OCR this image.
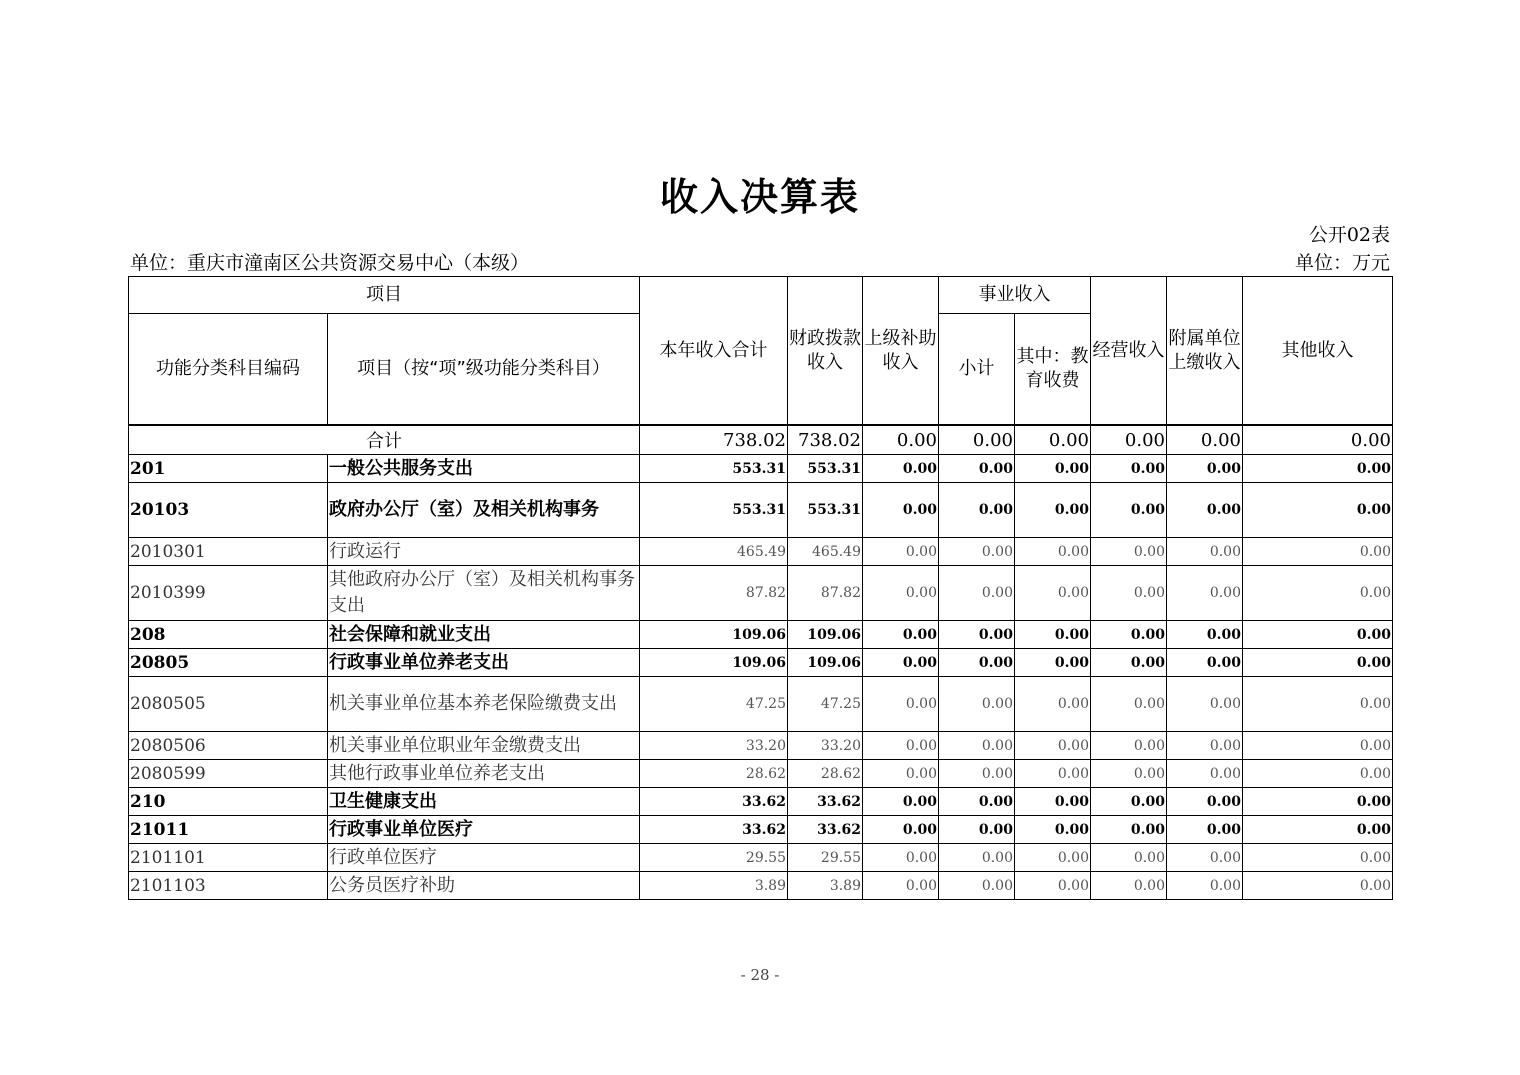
收入决算表
公开02表
单位：重庆市潼南区公共资源交易中心（本级）	单位：万元
项目		本年收入合计	财政拨款收入	上级补助收入	事业收入		经营收入	附属单位上缴收入	其他收入
功能分类科目编码	项目（按“项”级功能分类科目）				小计	其中：教育收费			
合计		738.02	738.02	0.00	0.00	0.00	0.00	0.00	0.00
201	一般公共服务支出	553.31	553.31	0.00	0.00	0.00	0.00	0.00	0.00
20103	政府办公厅（室）及相关机构事务	553.31	553.31	0.00	0.00	0.00	0.00	0.00	0.00
2010301	行政运行	465.49	465.49	0.00	0.00	0.00	0.00	0.00	0.00
2010399	其他政府办公厅（室）及相关机构事务支出	87.82	87.82	0.00	0.00	0.00	0.00	0.00	0.00
208	社会保障和就业支出	109.06	109.06	0.00	0.00	0.00	0.00	0.00	0.00
20805	行政事业单位养老支出	109.06	109.06	0.00	0.00	0.00	0.00	0.00	0.00
2080505	机关事业单位基本养老保险缴费支出	47.25	47.25	0.00	0.00	0.00	0.00	0.00	0.00
2080506	机关事业单位职业年金缴费支出	33.20	33.20	0.00	0.00	0.00	0.00	0.00	0.00
2080599	其他行政事业单位养老支出	28.62	28.62	0.00	0.00	0.00	0.00	0.00	0.00
210	卫生健康支出	33.62	33.62	0.00	0.00	0.00	0.00	0.00	0.00
21011	行政事业单位医疗	33.62	33.62	0.00	0.00	0.00	0.00	0.00	0.00
2101101	行政单位医疗	29.55	29.55	0.00	0.00	0.00	0.00	0.00	0.00
2101103	公务员医疗补助	3.89	3.89	0.00	0.00	0.00	0.00	0.00	0.00
- 28 -
